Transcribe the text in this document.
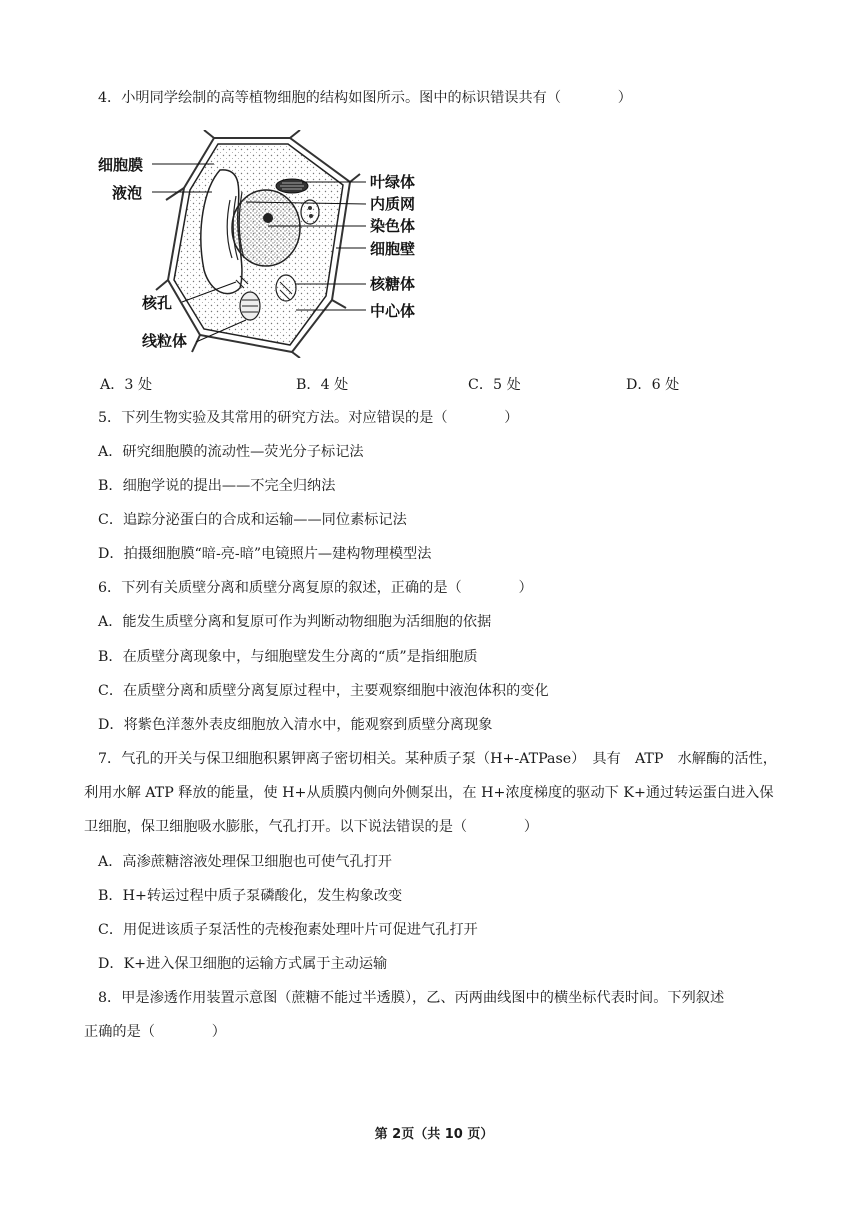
4．小明同学绘制的高等植物细胞的结构如图所示。图中的标识错误共有（　　　　）
细胞膜
液泡
核孔
线粒体
叶绿体
内质网
染色体
细胞壁
核糖体
中心体
A．3 处	B．4 处	C．5 处	D．6 处
5．下列生物实验及其常用的研究方法。对应错误的是（　　　　）
A．研究细胞膜的流动性—荧光分子标记法
B．细胞学说的提出——不完全归纳法
C．追踪分泌蛋白的合成和运输——同位素标记法
D．拍摄细胞膜“暗-亮-暗”电镜照片—建构物理模型法
6．下列有关质壁分离和质壁分离复原的叙述，正确的是（　　　　）
A．能发生质壁分离和复原可作为判断动物细胞为活细胞的依据
B．在质壁分离现象中，与细胞壁发生分离的“质”是指细胞质
C．在质壁分离和质壁分离复原过程中，主要观察细胞中液泡体积的变化
D．将紫色洋葱外表皮细胞放入清水中，能观察到质壁分离现象
7．气孔的开关与保卫细胞积累钾离子密切相关。某种质子泵（H+-ATPase）　具有　ATP　水解酶的活性，
利用水解 ATP 释放的能量，使 H+从质膜内侧向外侧泵出，在 H+浓度梯度的驱动下 K+通过转运蛋白进入保
卫细胞，保卫细胞吸水膨胀，气孔打开。以下说法错误的是（　　　　）
A．高渗蔗糖溶液处理保卫细胞也可使气孔打开
B．H+转运过程中质子泵磷酸化，发生构象改变
C．用促进该质子泵活性的壳梭孢素处理叶片可促进气孔打开
D．K+进入保卫细胞的运输方式属于主动运输
8．甲是渗透作用装置示意图（蔗糖不能过半透膜），乙、丙两曲线图中的横坐标代表时间。下列叙述
正确的是（　　　　）
第 2页（共 10 页）
